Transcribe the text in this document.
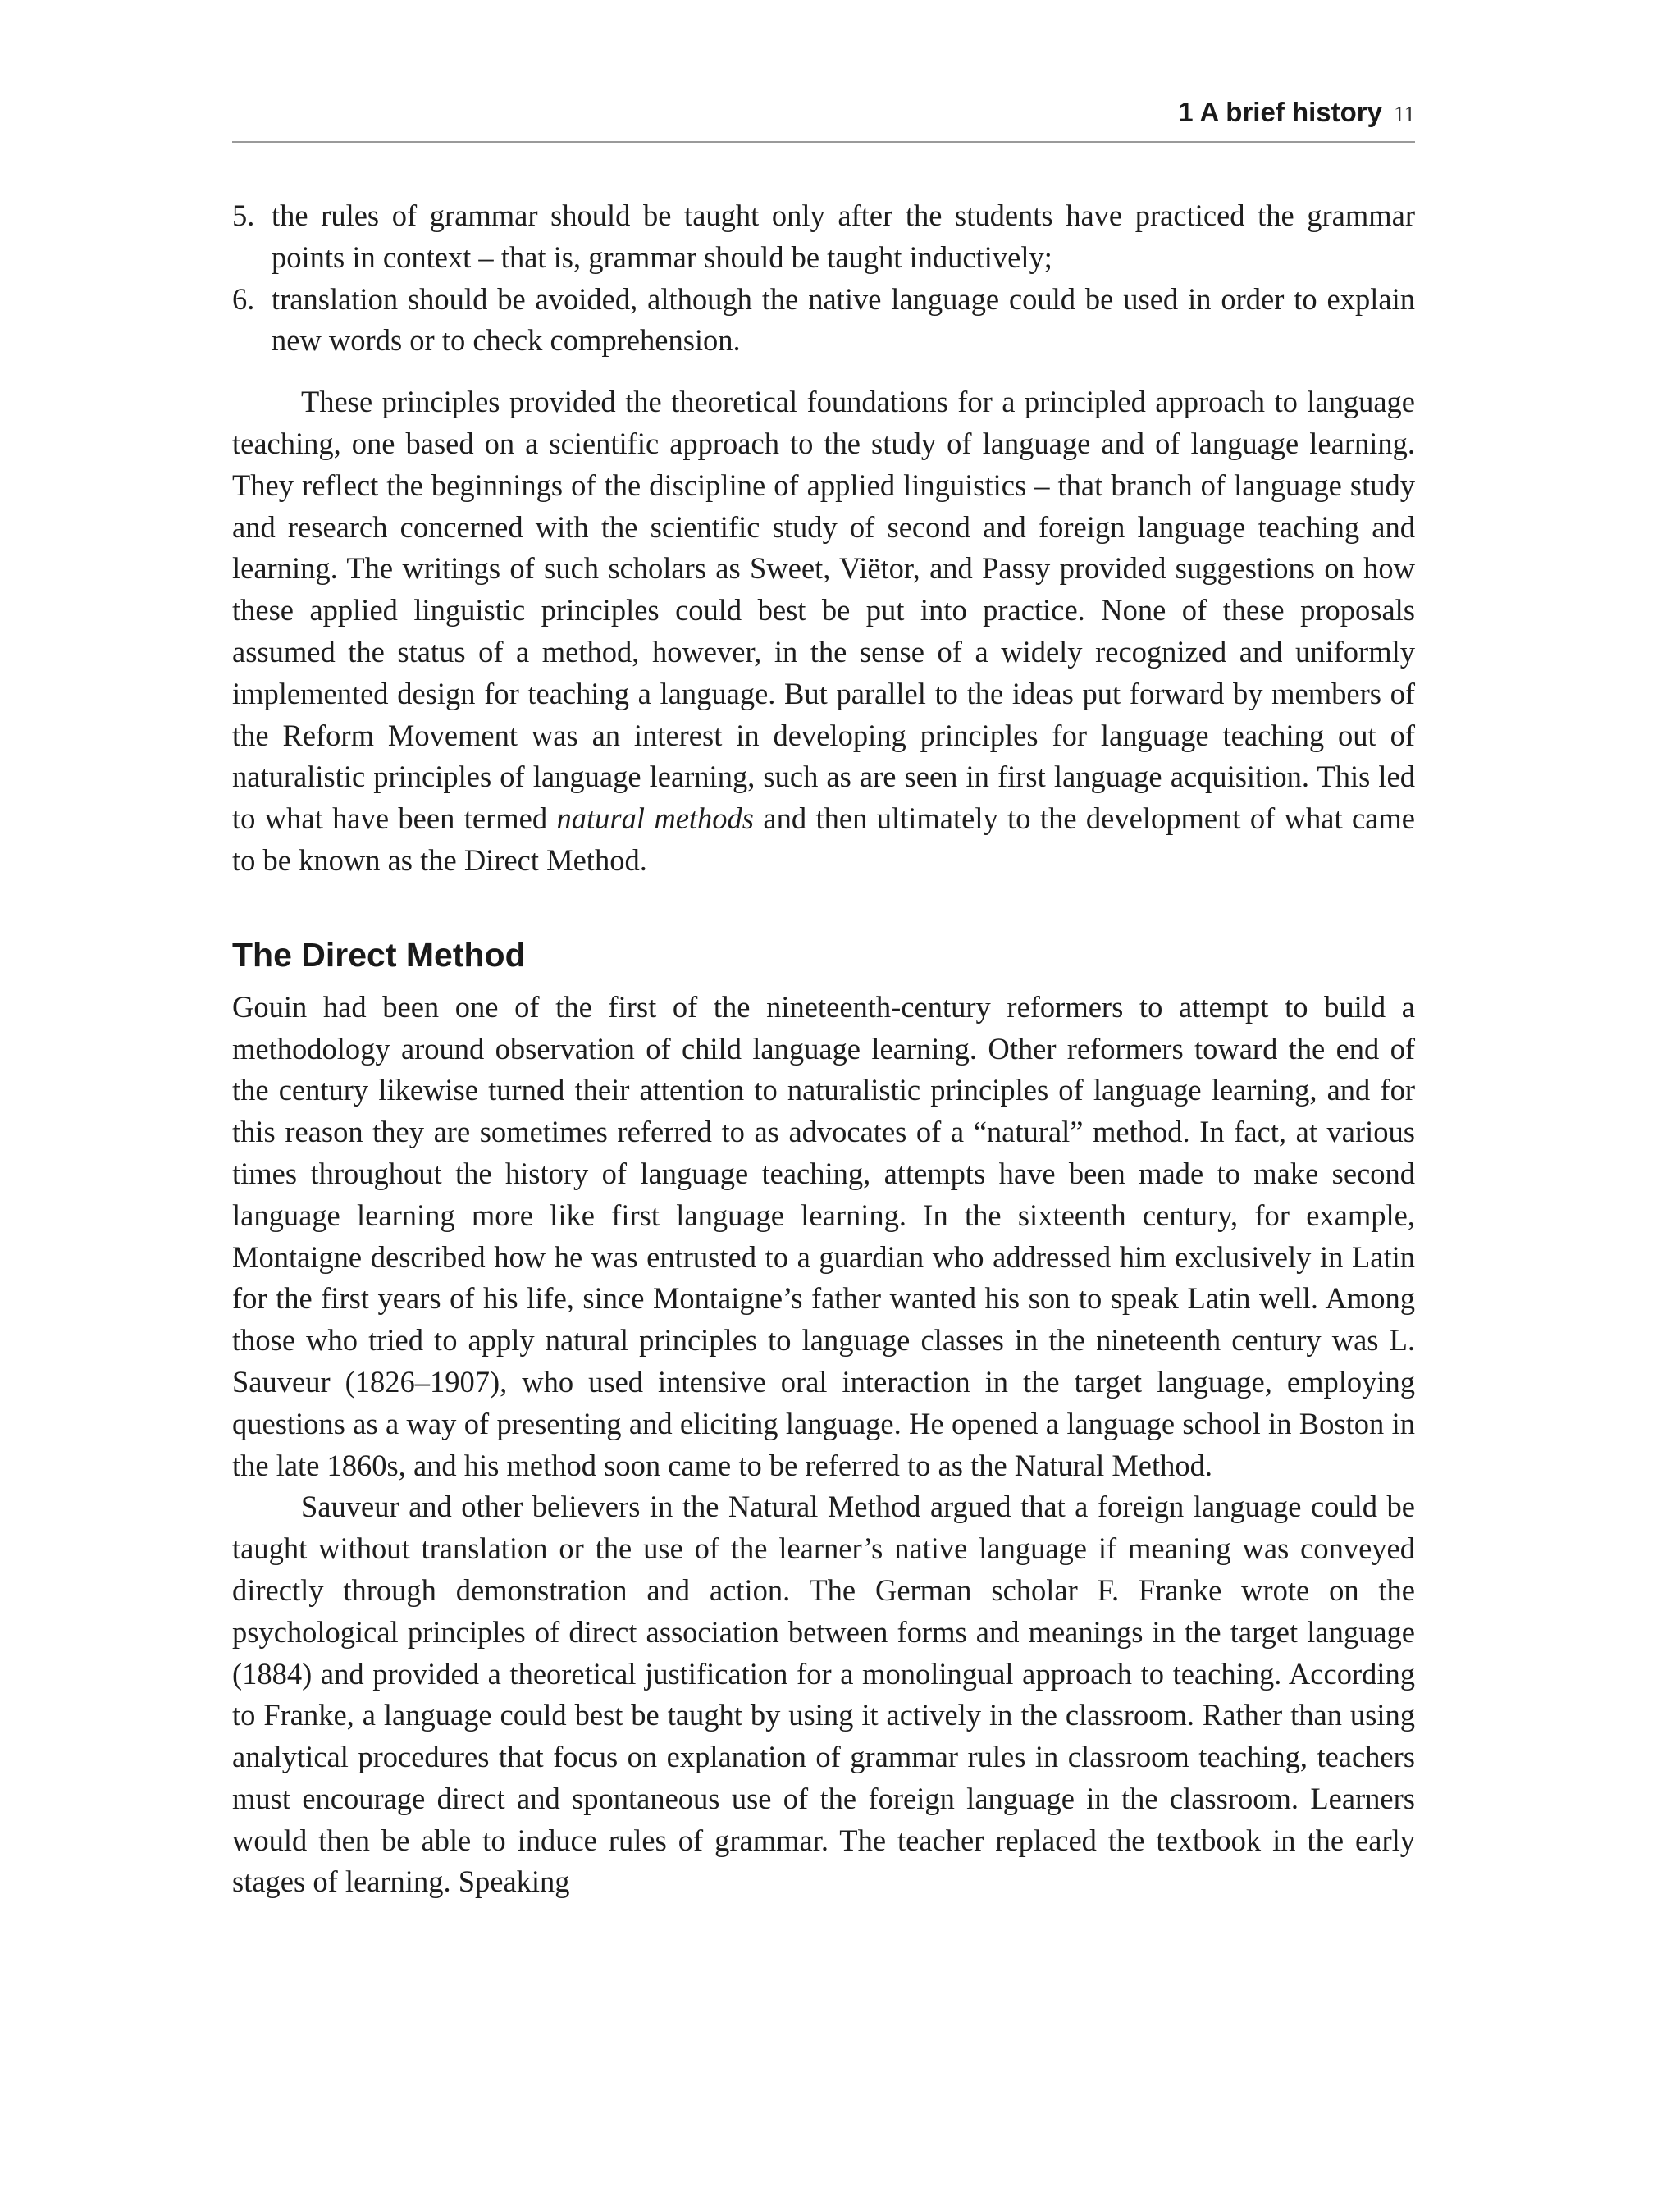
1 A brief history 11
5. the rules of grammar should be taught only after the students have practiced the grammar points in context – that is, grammar should be taught inductively;
6. translation should be avoided, although the native language could be used in order to explain new words or to check comprehension.

These principles provided the theoretical foundations for a principled approach to language teaching, one based on a scientific approach to the study of language and of language learning. They reflect the beginnings of the discipline of applied linguistics – that branch of language study and research concerned with the scientific study of second and foreign language teaching and learning. The writings of such scholars as Sweet, Viëtor, and Passy provided suggestions on how these applied linguistic principles could best be put into practice. None of these proposals assumed the status of a method, however, in the sense of a widely recognized and uniformly implemented design for teaching a language. But parallel to the ideas put forward by members of the Reform Movement was an interest in developing principles for language teaching out of naturalistic principles of language learning, such as are seen in first language acquisition. This led to what have been termed natural methods and then ultimately to the development of what came to be known as the Direct Method.

The Direct Method

Gouin had been one of the first of the nineteenth-century reformers to attempt to build a methodology around observation of child language learning. Other reformers toward the end of the century likewise turned their attention to naturalistic principles of language learning, and for this reason they are sometimes referred to as advocates of a “natural” method. In fact, at various times throughout the history of language teaching, attempts have been made to make second language learning more like first language learning. In the sixteenth century, for example, Montaigne described how he was entrusted to a guardian who addressed him exclusively in Latin for the first years of his life, since Montaigne’s father wanted his son to speak Latin well. Among those who tried to apply natural principles to language classes in the nineteenth century was L. Sauveur (1826–1907), who used intensive oral interaction in the target language, employing questions as a way of presenting and eliciting language. He opened a language school in Boston in the late 1860s, and his method soon came to be referred to as the Natural Method.

Sauveur and other believers in the Natural Method argued that a foreign language could be taught without translation or the use of the learner’s native language if meaning was conveyed directly through demonstration and action. The German scholar F. Franke wrote on the psychological principles of direct association between forms and meanings in the target language (1884) and provided a theoretical justification for a monolingual approach to teaching. According to Franke, a language could best be taught by using it actively in the classroom. Rather than using analytical procedures that focus on explanation of grammar rules in classroom teaching, teachers must encourage direct and spontaneous use of the foreign language in the classroom. Learners would then be able to induce rules of grammar. The teacher replaced the textbook in the early stages of learning. Speaking
